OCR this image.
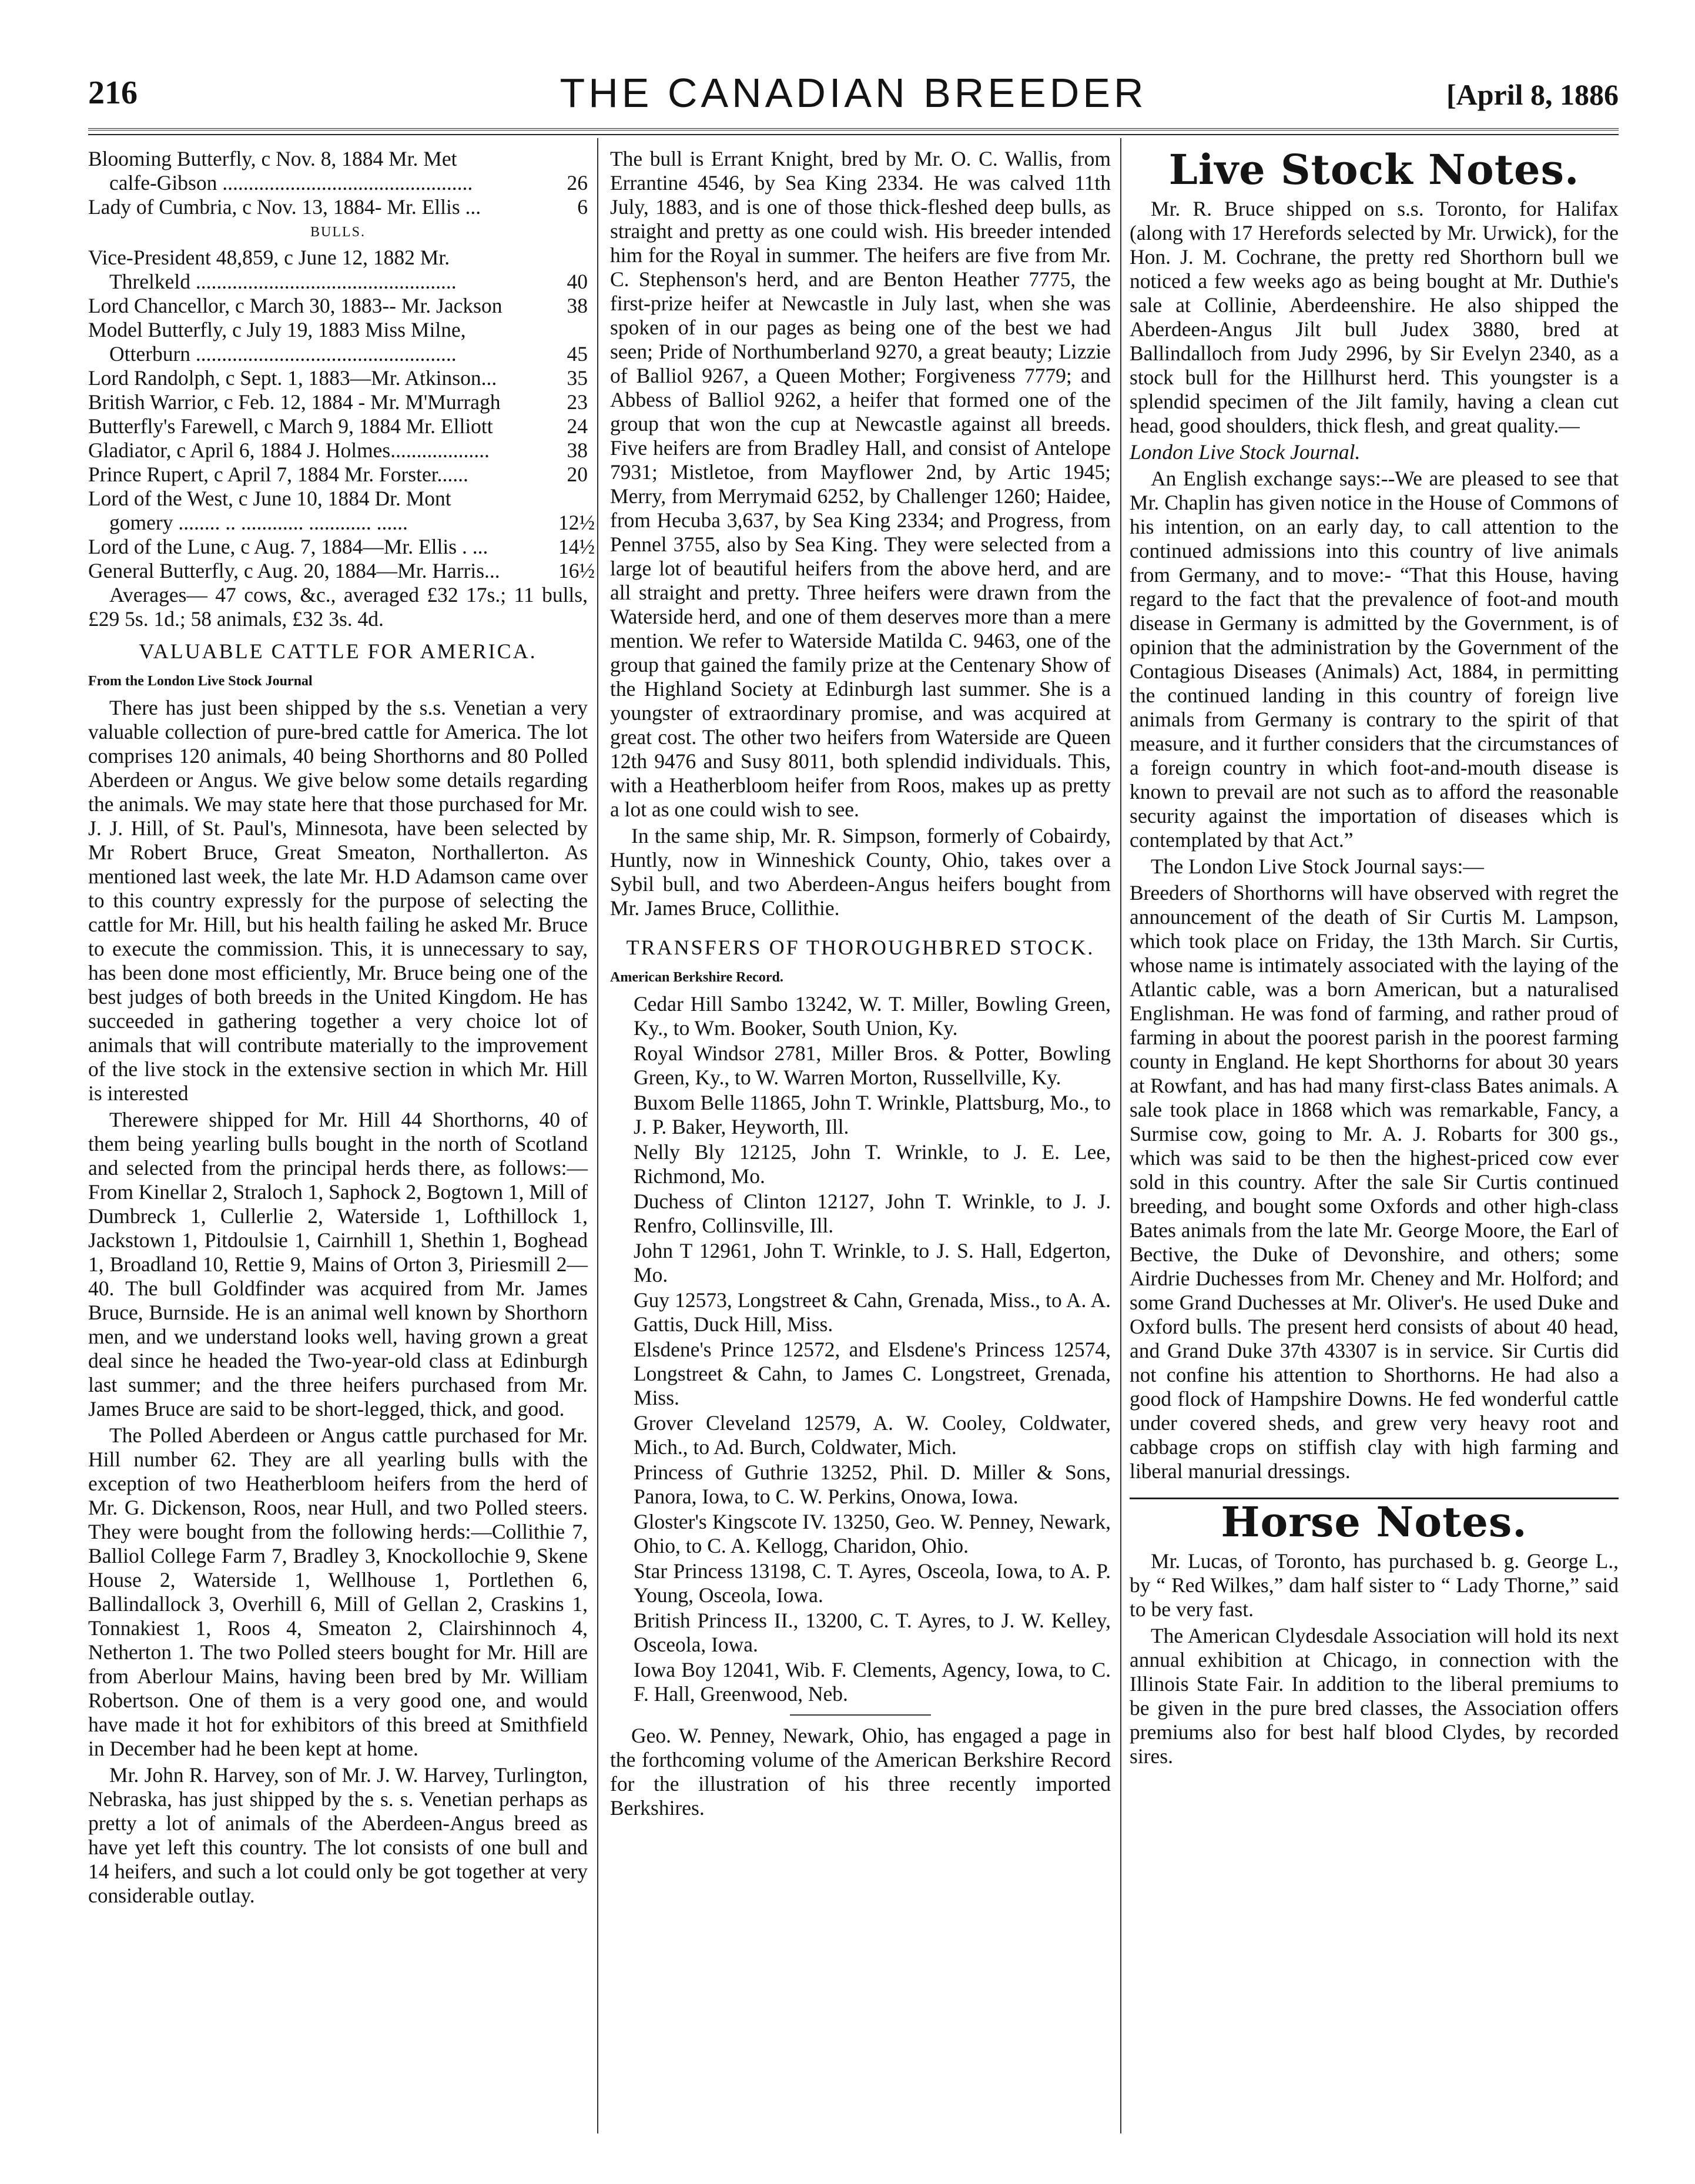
216	THE CANADIAN BREEDER	[April 8, 1886
Blooming Butterfly, c Nov. 8, 1884 Mr. Met
calfe-Gibson ................................................	26
Lady of Cumbria, c Nov. 13, 1884- Mr. Ellis ...	6
BULLS.
Vice-President 48,859, c June 12, 1882 Mr.
Threlkeld ..................................................	40
Lord Chancellor, c March 30, 1883-- Mr. Jackson	38
Model Butterfly, c July 19, 1883 Miss Milne,
Otterburn ..................................................	45
Lord Randolph, c Sept. 1, 1883—Mr. Atkinson...	35
British Warrior, c Feb. 12, 1884 - Mr. M'Murragh	23
Butterfly's Farewell, c March 9, 1884 Mr. Elliott	24
Gladiator, c April 6, 1884 J. Holmes...................	38
Prince Rupert, c April 7, 1884 Mr. Forster......	20
Lord of the West, c June 10, 1884 Dr. Mont
gomery ........ .. ............ ............ ......	12½
Lord of the Lune, c Aug. 7, 1884—Mr. Ellis . ...	14½
General Butterfly, c Aug. 20, 1884—Mr. Harris...	16½

Averages— 47 cows, &c., averaged £32 17s.; 11 bulls, £29 5s. 1d.; 58 animals, £32 3s. 4d.

VALUABLE CATTLE FOR AMERICA.
From the London Live Stock Journal

There has just been shipped by the s.s. Venetian a very valuable collection of pure-bred cattle for America. The lot comprises 120 animals, 40 being Shorthorns and 80 Polled Aberdeen or Angus. We give below some details regarding the animals. We may state here that those purchased for Mr. J. J. Hill, of St. Paul's, Minnesota, have been selected by Mr Robert Bruce, Great Smeaton, Northallerton. As mentioned last week, the late Mr. H.D Adamson came over to this country expressly for the purpose of selecting the cattle for Mr. Hill, but his health failing he asked Mr. Bruce to execute the commission. This, it is unnecessary to say, has been done most efficiently, Mr. Bruce being one of the best judges of both breeds in the United Kingdom. He has succeeded in gathering together a very choice lot of animals that will contribute materially to the improvement of the live stock in the extensive section in which Mr. Hill is interested

Therewere shipped for Mr. Hill 44 Shorthorns, 40 of them being yearling bulls bought in the north of Scotland and selected from the principal herds there, as follows:—From Kinellar 2, Straloch 1, Saphock 2, Bogtown 1, Mill of Dumbreck 1, Cullerlie 2, Waterside 1, Lofthillock 1, Jackstown 1, Pitdoulsie 1, Cairnhill 1, Shethin 1, Boghead 1, Broadland 10, Rettie 9, Mains of Orton 3, Piriesmill 2—40. The bull Goldfinder was acquired from Mr. James Bruce, Burnside. He is an animal well known by Shorthorn men, and we understand looks well, having grown a great deal since he headed the Two-year-old class at Edinburgh last summer; and the three heifers purchased from Mr. James Bruce are said to be short-legged, thick, and good.

The Polled Aberdeen or Angus cattle purchased for Mr. Hill number 62. They are all yearling bulls with the exception of two Heatherbloom heifers from the herd of Mr. G. Dickenson, Roos, near Hull, and two Polled steers. They were bought from the following herds:—Collithie 7, Balliol College Farm 7, Bradley 3, Knockollochie 9, Skene House 2, Waterside 1, Wellhouse 1, Portlethen 6, Ballindallock 3, Overhill 6, Mill of Gellan 2, Craskins 1, Tonnakiest 1, Roos 4, Smeaton 2, Clairshinnoch 4, Netherton 1. The two Polled steers bought for Mr. Hill are from Aberlour Mains, having been bred by Mr. William Robertson. One of them is a very good one, and would have made it hot for exhibitors of this breed at Smithfield in December had he been kept at home.

Mr. John R. Harvey, son of Mr. J. W. Harvey, Turlington, Nebraska, has just shipped by the s. s. Venetian perhaps as pretty a lot of animals of the Aberdeen-Angus breed as have yet left this country. The lot consists of one bull and 14 heifers, and such a lot could only be got together at very considerable outlay.

The bull is Errant Knight, bred by Mr. O. C. Wallis, from Errantine 4546, by Sea King 2334. He was calved 11th July, 1883, and is one of those thick-fleshed deep bulls, as straight and pretty as one could wish. His breeder intended him for the Royal in summer. The heifers are five from Mr. C. Stephenson's herd, and are Benton Heather 7775, the first-prize heifer at Newcastle in July last, when she was spoken of in our pages as being one of the best we had seen; Pride of Northumberland 9270, a great beauty; Lizzie of Balliol 9267, a Queen Mother; Forgiveness 7779; and Abbess of Balliol 9262, a heifer that formed one of the group that won the cup at Newcastle against all breeds. Five heifers are from Bradley Hall, and consist of Antelope 7931; Mistletoe, from Mayflower 2nd, by Artic 1945; Merry, from Merrymaid 6252, by Challenger 1260; Haidee, from Hecuba 3,637, by Sea King 2334; and Progress, from Pennel 3755, also by Sea King. They were selected from a large lot of beautiful heifers from the above herd, and are all straight and pretty. Three heifers were drawn from the Waterside herd, and one of them deserves more than a mere mention. We refer to Waterside Matilda C. 9463, one of the group that gained the family prize at the Centenary Show of the Highland Society at Edinburgh last summer. She is a youngster of extraordinary promise, and was acquired at great cost. The other two heifers from Waterside are Queen 12th 9476 and Susy 8011, both splendid individuals. This, with a Heatherbloom heifer from Roos, makes up as pretty a lot as one could wish to see.

In the same ship, Mr. R. Simpson, formerly of Cobairdy, Huntly, now in Winneshick County, Ohio, takes over a Sybil bull, and two Aberdeen-Angus heifers bought from Mr. James Bruce, Collithie.

TRANSFERS OF THOROUGHBRED STOCK.
American Berkshire Record.

Cedar Hill Sambo 13242, W. T. Miller, Bowling Green, Ky., to Wm. Booker, South Union, Ky.

Royal Windsor 2781, Miller Bros. & Potter, Bowling Green, Ky., to W. Warren Morton, Russellville, Ky.

Buxom Belle 11865, John T. Wrinkle, Plattsburg, Mo., to J. P. Baker, Heyworth, Ill.

Nelly Bly 12125, John T. Wrinkle, to J. E. Lee, Richmond, Mo.

Duchess of Clinton 12127, John T. Wrinkle, to J. J. Renfro, Collinsville, Ill.

John T 12961, John T. Wrinkle, to J. S. Hall, Edgerton, Mo.

Guy 12573, Longstreet & Cahn, Grenada, Miss., to A. A. Gattis, Duck Hill, Miss.

Elsdene's Prince 12572, and Elsdene's Princess 12574, Longstreet & Cahn, to James C. Longstreet, Grenada, Miss.

Grover Cleveland 12579, A. W. Cooley, Coldwater, Mich., to Ad. Burch, Coldwater, Mich.

Princess of Guthrie 13252, Phil. D. Miller & Sons, Panora, Iowa, to C. W. Perkins, Onowa, Iowa.

Gloster's Kingscote IV. 13250, Geo. W. Penney, Newark, Ohio, to C. A. Kellogg, Charidon, Ohio.

Star Princess 13198, C. T. Ayres, Osceola, Iowa, to A. P. Young, Osceola, Iowa.

British Princess II., 13200, C. T. Ayres, to J. W. Kelley, Osceola, Iowa.

Iowa Boy 12041, Wib. F. Clements, Agency, Iowa, to C. F. Hall, Greenwood, Neb.

Geo. W. Penney, Newark, Ohio, has engaged a page in the forthcoming volume of the American Berkshire Record for the illustration of his three recently imported Berkshires.

Live Stock Notes.

Mr. R. Bruce shipped on s.s. Toronto, for Halifax (along with 17 Herefords selected by Mr. Urwick), for the Hon. J. M. Cochrane, the pretty red Shorthorn bull we noticed a few weeks ago as being bought at Mr. Duthie's sale at Collinie, Aberdeenshire. He also shipped the Aberdeen-Angus Jilt bull Judex 3880, bred at Ballindalloch from Judy 2996, by Sir Evelyn 2340, as a stock bull for the Hillhurst herd. This youngster is a splendid specimen of the Jilt family, having a clean cut head, good shoulders, thick flesh, and great quality.—

London Live Stock Journal.

An English exchange says:--We are pleased to see that Mr. Chaplin has given notice in the House of Commons of his intention, on an early day, to call attention to the continued admissions into this country of live animals from Germany, and to move:- “That this House, having regard to the fact that the prevalence of foot-and mouth disease in Germany is admitted by the Government, is of opinion that the administration by the Government of the Contagious Diseases (Animals) Act, 1884, in permitting the continued landing in this country of foreign live animals from Germany is contrary to the spirit of that measure, and it further considers that the circumstances of a foreign country in which foot-and-mouth disease is known to prevail are not such as to afford the reasonable security against the importation of diseases which is contemplated by that Act.”

The London Live Stock Journal says:—

Breeders of Shorthorns will have observed with regret the announcement of the death of Sir Curtis M. Lampson, which took place on Friday, the 13th March. Sir Curtis, whose name is intimately associated with the laying of the Atlantic cable, was a born American, but a naturalised Englishman. He was fond of farming, and rather proud of farming in about the poorest parish in the poorest farming county in England. He kept Shorthorns for about 30 years at Rowfant, and has had many first-class Bates animals. A sale took place in 1868 which was remarkable, Fancy, a Surmise cow, going to Mr. A. J. Robarts for 300 gs., which was said to be then the highest-priced cow ever sold in this country. After the sale Sir Curtis continued breeding, and bought some Oxfords and other high-class Bates animals from the late Mr. George Moore, the Earl of Bective, the Duke of Devonshire, and others; some Airdrie Duchesses from Mr. Cheney and Mr. Holford; and some Grand Duchesses at Mr. Oliver's. He used Duke and Oxford bulls. The present herd consists of about 40 head, and Grand Duke 37th 43307 is in service. Sir Curtis did not confine his attention to Shorthorns. He had also a good flock of Hampshire Downs. He fed wonderful cattle under covered sheds, and grew very heavy root and cabbage crops on stiffish clay with high farming and liberal manurial dressings.

Horse Notes.

Mr. Lucas, of Toronto, has purchased b. g. George L., by “ Red Wilkes,” dam half sister to “ Lady Thorne,” said to be very fast.

The American Clydesdale Association will hold its next annual exhibition at Chicago, in connection with the Illinois State Fair. In addition to the liberal premiums to be given in the pure bred classes, the Association offers premiums also for best half blood Clydes, by recorded sires.
